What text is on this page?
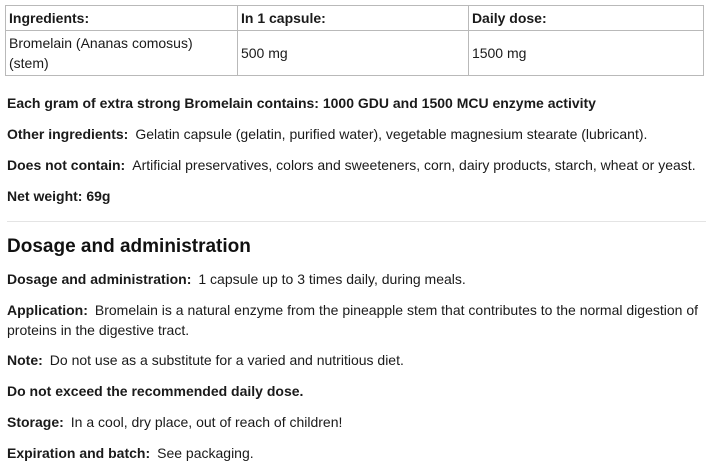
Ingredients:	In 1 capsule:	Daily dose:
Bromelain (Ananas comosus) (stem)	500 mg	1500 mg

Each gram of extra strong Bromelain contains: 1000 GDU and 1500 MCU enzyme activity

Other ingredients: Gelatin capsule (gelatin, purified water), vegetable magnesium stearate (lubricant).

Does not contain: Artificial preservatives, colors and sweeteners, corn, dairy products, starch, wheat or yeast.

Net weight: 69g

Dosage and administration

Dosage and administration: 1 capsule up to 3 times daily, during meals.

Application: Bromelain is a natural enzyme from the pineapple stem that contributes to the normal digestion of proteins in the digestive tract.

Note: Do not use as a substitute for a varied and nutritious diet.

Do not exceed the recommended daily dose.

Storage: In a cool, dry place, out of reach of children!

Expiration and batch: See packaging.
